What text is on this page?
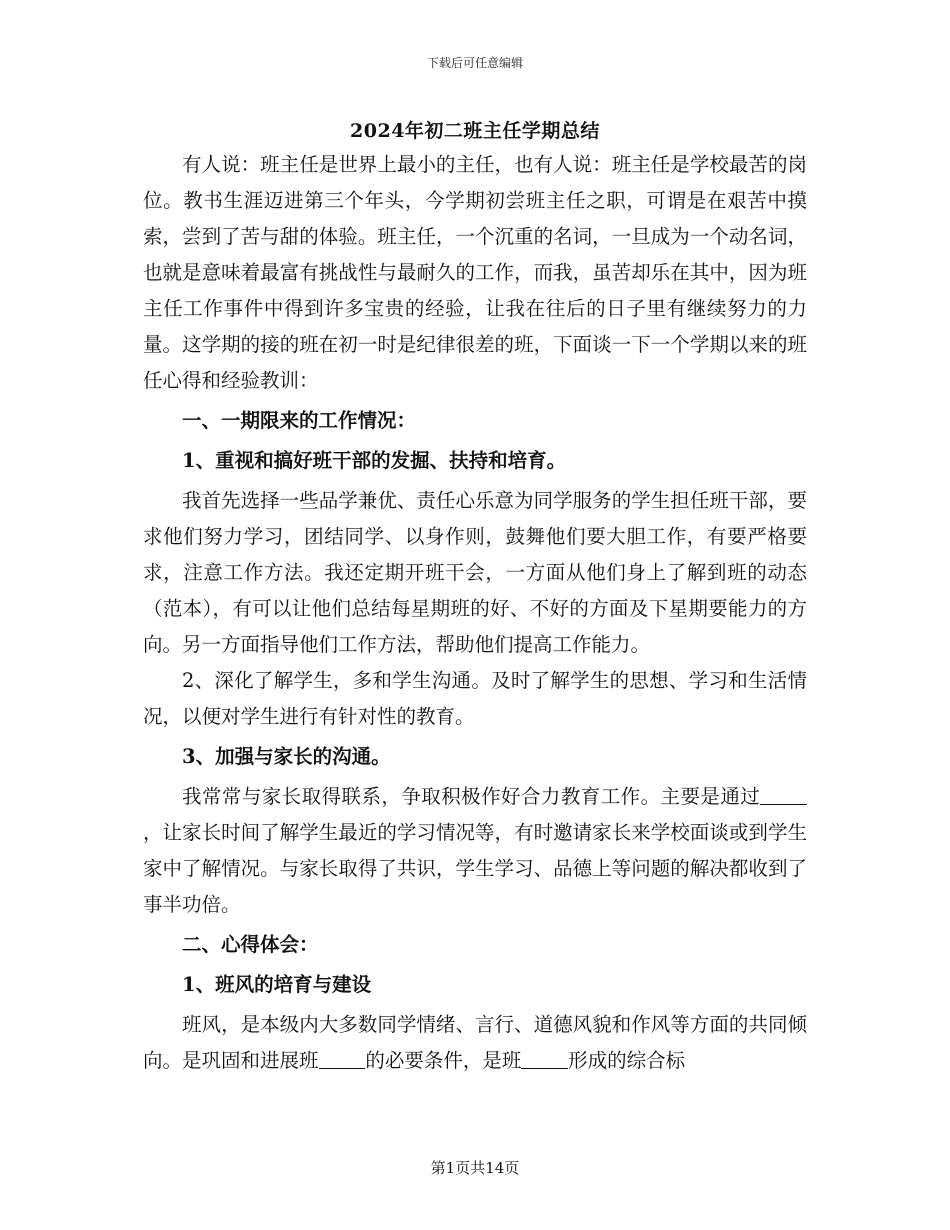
下载后可任意编辑
2024年初二班主任学期总结

有人说：班主任是世界上最小的主任，也有人说：班主任是学校最苦的岗位。教书生涯迈进第三个年头，今学期初尝班主任之职，可谓是在艰苦中摸索，尝到了苦与甜的体验。班主任，一个沉重的名词，一旦成为一个动名词，也就是意味着最富有挑战性与最耐久的工作，而我，虽苦却乐在其中，因为班主任工作事件中得到许多宝贵的经验，让我在往后的日子里有继续努力的力量。这学期的接的班在初一时是纪律很差的班，下面谈一下一个学期以来的班任心得和经验教训：

一、一期限来的工作情况：

1、重视和搞好班干部的发掘、扶持和培育。

我首先选择一些品学兼优、责任心乐意为同学服务的学生担任班干部，要求他们努力学习，团结同学、以身作则，鼓舞他们要大胆工作，有要严格要求，注意工作方法。我还定期开班干会，一方面从他们身上了解到班的动态（范本），有可以让他们总结每星期班的好、不好的方面及下星期要能力的方向。另一方面指导他们工作方法，帮助他们提高工作能力。

2、深化了解学生，多和学生沟通。及时了解学生的思想、学习和生活情况，以便对学生进行有针对性的教育。

3、加强与家长的沟通。

我常常与家长取得联系，争取积极作好合力教育工作。主要是通过，让家长时间了解学生最近的学习情况等，有时邀请家长来学校面谈或到学生家中了解情况。与家长取得了共识，学生学习、品德上等问题的解决都收到了事半功倍。

二、心得体会：

1、班风的培育与建设

班风，是本级内大多数同学情绪、言行、道德风貌和作风等方面的共同倾向。是巩固和进展班 的必要条件，是班 形成的综合标

第1页共14页
